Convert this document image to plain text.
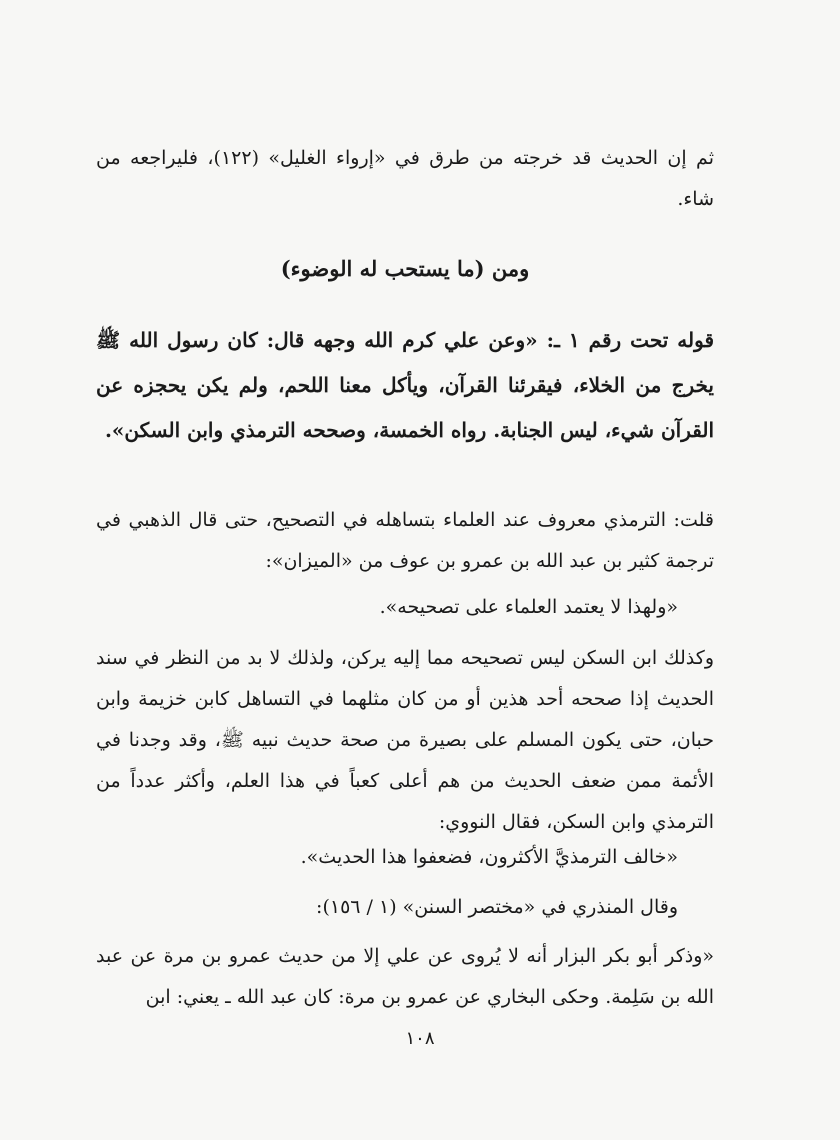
ثم إن الحديث قد خرجته من طرق في «إرواء الغليل» (١٢٢)، فليراجعه من شاء.
ومن (ما يستحب له الوضوء)
قوله تحت رقم ١ ـ: «وعن علي كرم الله وجهه قال: كان رسول الله ﷺ يخرج من الخلاء، فيقرئنا القرآن، ويأكل معنا اللحم، ولم يكن يحجزه عن القرآن شيء، ليس الجنابة. رواه الخمسة، وصححه الترمذي وابن السكن».
قلت: الترمذي معروف عند العلماء بتساهله في التصحيح، حتى قال الذهبي في ترجمة كثير بن عبد الله بن عمرو بن عوف من «الميزان»:
«ولهذا لا يعتمد العلماء على تصحيحه».
وكذلك ابن السكن ليس تصحيحه مما إليه يركن، ولذلك لا بد من النظر في سند الحديث إذا صححه أحد هذين أو من كان مثلهما في التساهل كابن خزيمة وابن حبان، حتى يكون المسلم على بصيرة من صحة حديث نبيه ﷺ، وقد وجدنا في الأئمة ممن ضعف الحديث من هم أعلى كعباً في هذا العلم، وأكثر عدداً من الترمذي وابن السكن، فقال النووي:
«خالف الترمذيَّ الأكثرون، فضعفوا هذا الحديث».
وقال المنذري في «مختصر السنن» (١ / ١٥٦):
«وذكر أبو بكر البزار أنه لا يُروى عن علي إلا من حديث عمرو بن مرة عن عبد الله بن سَلِمة. وحكى البخاري عن عمرو بن مرة: كان عبد الله ـ يعني: ابن
١٠٨
